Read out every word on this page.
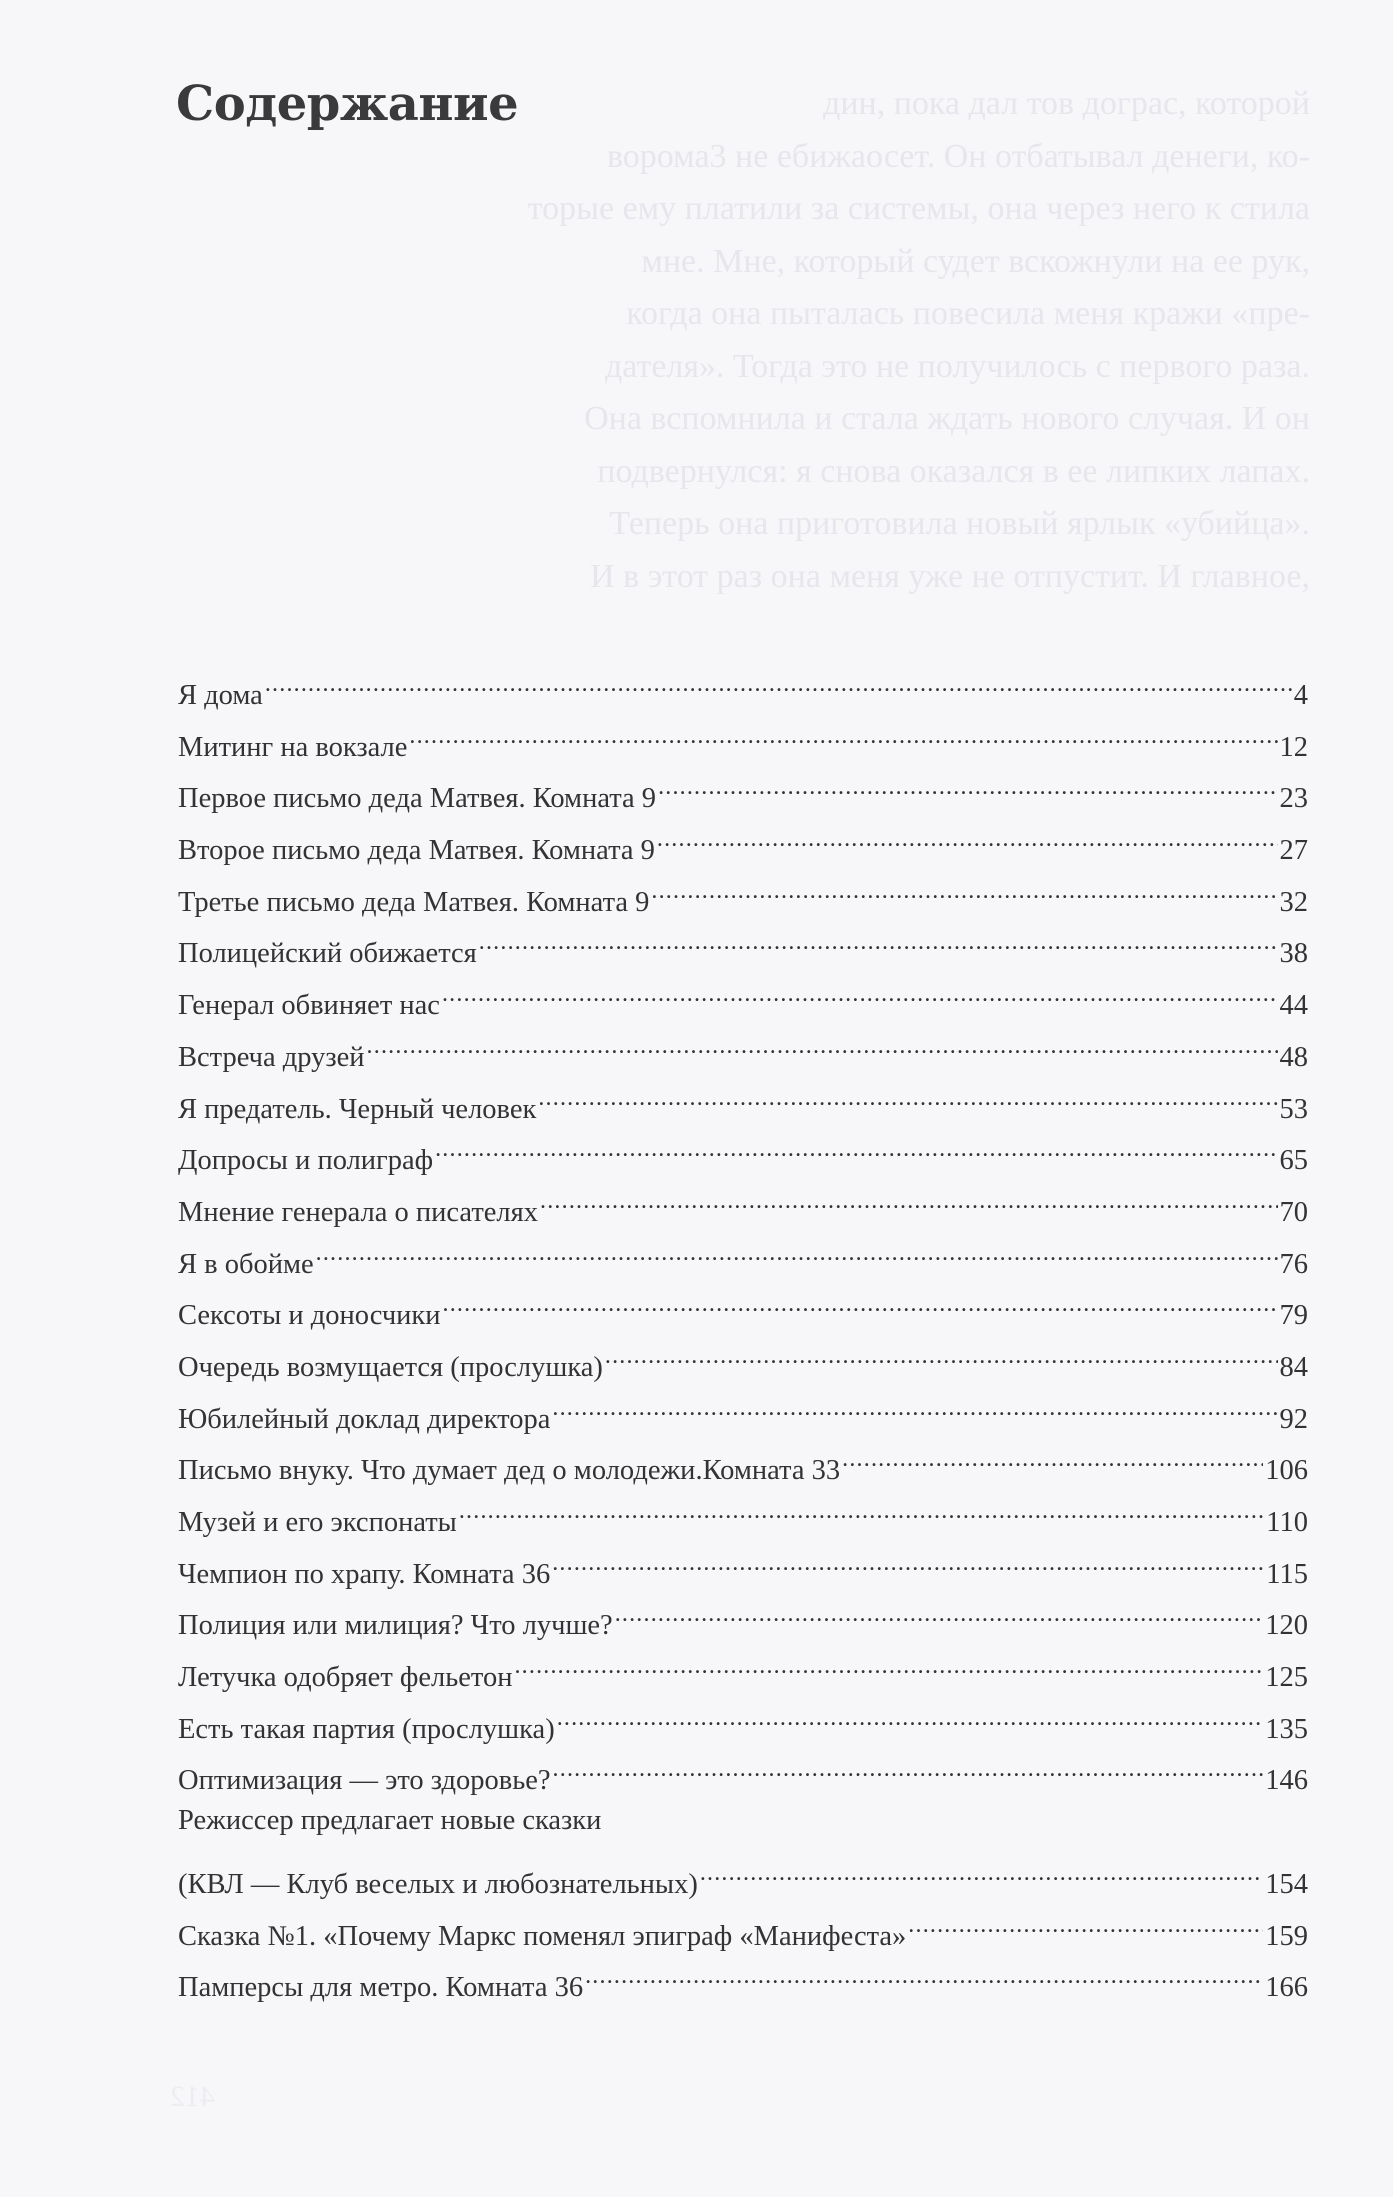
дин, пока дал тов дограс, которой
ворома3 не ебижаосет. Он отбатывал денеги, ко-
торые ему платили за системы, она через него к стила
мне. Мне, который судет вскожнули на ее рук,
когда она пыталась повесила меня кражи «пре-
дателя». Тогда это не получилось с первого раза.
Она вспомнила и стала ждать нового случая. И он
подвернулся: я снова оказался в ее липких лапах.
Теперь она приготовила новый ярлык «убийца».
И в этот раз она меня уже не отпустит. И главное,
412
Содержание
Я дома .....	4
Митинг на вокзале .....	12
Первое письмо деда Матвея. Комната 9 .....	23
Второе письмо деда Матвея. Комната 9 .....	27
Третье письмо деда Матвея. Комната 9 .....	32
Полицейский обижается .....	38
Генерал обвиняет нас .....	44
Встреча друзей .....	48
Я предатель. Черный человек .....	53
Допросы и полиграф .....	65
Мнение генерала о писателях .....	70
Я в обойме .....	76
Сексоты и доносчики .....	79
Очередь возмущается (прослушка) .....	84
Юбилейный доклад директора .....	92
Письмо внуку. Что думает дед о молодежи.Комната 33 .....	106
Музей и его экспонаты .....	110
Чемпион по храпу. Комната 36 .....	115
Полиция или милиция? Что лучше? .....	120
Летучка одобряет фельетон .....	125
Есть такая партия (прослушка) .....	135
Оптимизация — это здоровье? .....	146
Режиссер предлагает новые сказки
(КВЛ — Клуб веселых и любознательных) .....	154
Сказка №1. «Почему Маркс поменял эпиграф «Манифеста» .....	159
Памперсы для метро. Комната 36 .....	166
